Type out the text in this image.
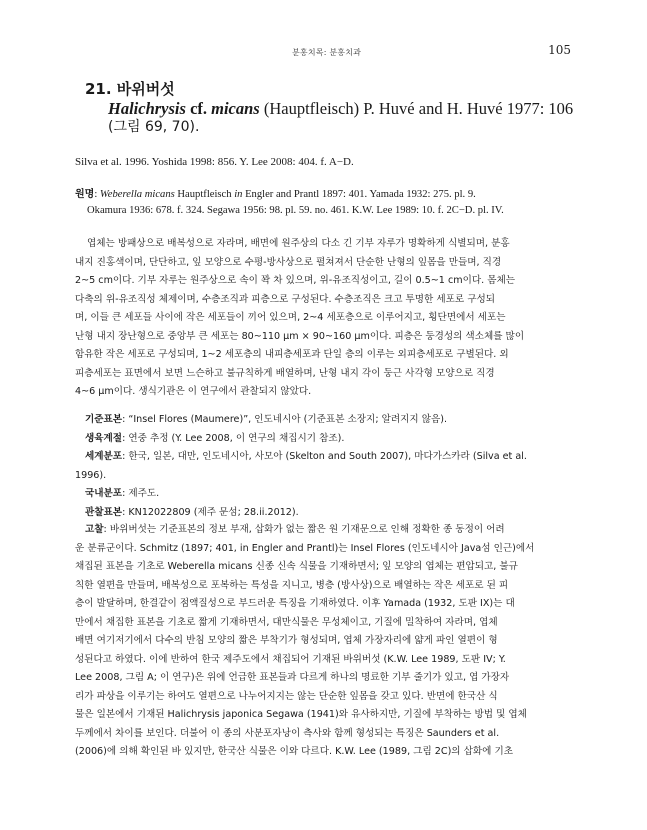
분홍치목: 분홍치과	105
21. 바위버섯
Halichrysis cf. micans (Hauptfleisch) P. Huvé and H. Huvé 1977: 106
(그림 69, 70).
Silva et al. 1996. Yoshida 1998: 856. Y. Lee 2008: 404. f. A−D.
원명: Weberella micans Hauptfleisch in Engler and Prantl 1897: 401. Yamada 1932: 275. pl. 9.
Okamura 1936: 678. f. 324. Segawa 1956: 98. pl. 59. no. 461. K.W. Lee 1989: 10. f. 2C−D. pl. IV.
엽체는 방패상으로 배복성으로 자라며, 배면에 원주상의 다소 긴 기부 자루가 명확하게 식별되며, 분홍
내지 진홍색이며, 단단하고, 잎 모양으로 수평-방사상으로 펼쳐져서 단순한 난형의 잎몸을 만들며, 직경
2~5 cm이다. 기부 자루는 원주상으로 속이 꽉 차 있으며, 위-유조직성이고, 길이 0.5~1 cm이다. 몸체는
다축의 위-유조직성 체제이며, 수층조직과 피층으로 구성된다. 수층조직은 크고 투명한 세포로 구성되
며, 이들 큰 세포들 사이에 작은 세포들이 끼어 있으며, 2~4 세포층으로 이루어지고, 횡단면에서 세포는
난형 내지 장난형으로 중앙부 큰 세포는 80~110 μm × 90~160 μm이다. 피층은 둥경성의 색소체를 많이
함유한 작은 세포로 구성되며, 1~2 세포층의 내피층세포과 단일 층의 이루는 외피층세포로 구별된다. 외
피층세포는 표면에서 보면 느슨하고 불규칙하게 배열하며, 난형 내지 각이 둥근 사각형 모양으로 직경
4~6 μm이다. 생식기관은 이 연구에서 관찰되지 않았다.
기준표본: “Insel Flores (Maumere)”, 인도네시아 (기준표본 소장지; 알려지지 않음).
생육계절: 연중 추정 (Y. Lee 2008, 이 연구의 채집시기 참조).
세계분포: 한국, 일본, 대만, 인도네시아, 사모아 (Skelton and South 2007), 마다가스카라 (Silva et al.
1996).
국내분포: 제주도.
관찰표본: KN12022809 (제주 문섬; 28.ii.2012).
고찰: 바위버섯는 기준표본의 정보 부재, 삽화가 없는 짧은 원 기재문으로 인해 정확한 종 동정이 어려
운 분류군이다. Schmitz (1897; 401, in Engler and Prantl)는 Insel Flores (인도네시아 Java섬 인근)에서
채집된 표본을 기초로 Weberella micans 신종 신속 식물을 기재하면서; 잎 모양의 엽체는 편압되고, 불규
칙한 열편을 만들며, 배복성으로 포복하는 특성을 지니고, 병층 (방사상)으로 배열하는 작은 세포로 된 피
층이 발달하며, 한결같이 점액질성으로 부드러운 특징을 기재하였다. 이후 Yamada (1932, 도판 IX)는 대
만에서 채집한 표본을 기초로 짧게 기재하면서, 대만식물은 무성체이고, 기질에 밀착하여 자라며, 엽체
배면 여기저기에서 다수의 반침 모양의 짧은 부착기가 형성되며, 엽체 가장자리에 얇게 파인 열편이 형
성된다고 하였다. 이에 반하여 한국 제주도에서 채집되어 기재된 바위버섯 (K.W. Lee 1989, 도판 IV; Y.
Lee 2008, 그림 A; 이 연구)은 위에 언급한 표본들과 다르게 하나의 명료한 기부 줄기가 있고, 엽 가장자
리가 파상을 이루기는 하여도 열편으로 나누어지지는 않는 단순한 잎몸을 갖고 있다. 반면에 한국산 식
물은 일본에서 기재된 Halichrysis japonica Segawa (1941)와 유사하지만, 기질에 부착하는 방법 및 엽체
두께에서 차이를 보인다. 더불어 이 종의 사분포자낭이 측사와 함께 형성되는 특징은 Saunders et al.
(2006)에 의해 확인된 바 있지만, 한국산 식물은 이와 다르다. K.W. Lee (1989, 그림 2C)의 삽화에 기초
